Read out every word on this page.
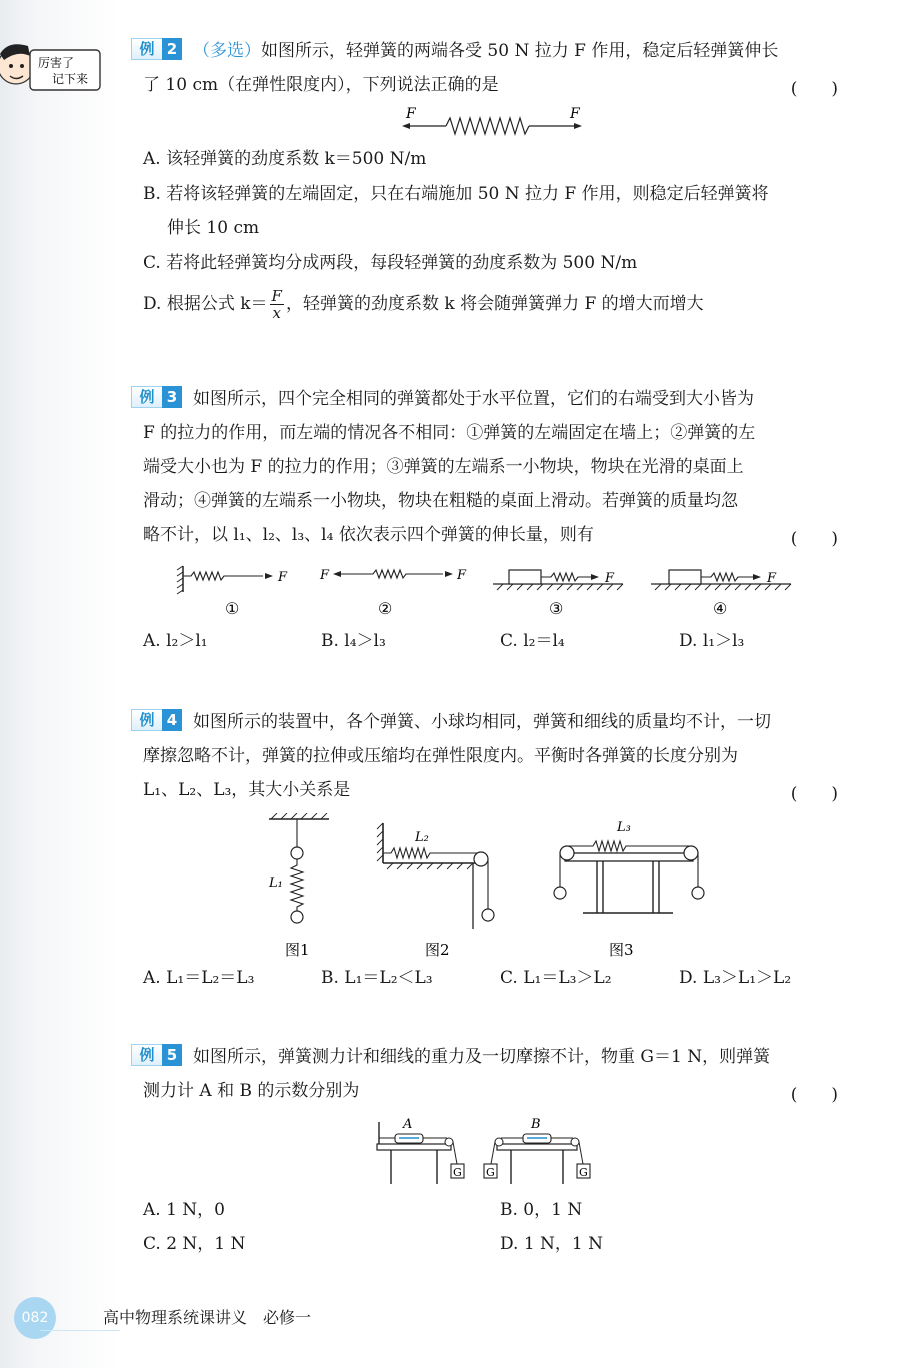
厉害了
记下来
例 2 （多选）如图所示，轻弹簧的两端各受 50 N 拉力 F 作用，稳定后轻弹簧伸长
了 10 cm（在弹性限度内），下列说法正确的是	(　　)
F	F
A. 该轻弹簧的劲度系数 k＝500 N/m
B. 若将该轻弹簧的左端固定，只在右端施加 50 N 拉力 F 作用，则稳定后轻弹簧将
伸长 10 cm
C. 若将此轻弹簧均分成两段，每段轻弹簧的劲度系数为 500 N/m
D. 根据公式 $k= \frac{F}{x}$ ，轻弹簧的劲度系数 k 将会随弹簧弹力 F 的增大而增大
例 3 如图所示，四个完全相同的弹簧都处于水平位置，它们的右端受到大小皆为
F 的拉力的作用，而左端的情况各不相同：①弹簧的左端固定在墙上；②弹簧的左
端受大小也为 F 的拉力的作用；③弹簧的左端系一小物块，物块在光滑的桌面上
滑动；④弹簧的左端系一小物块，物块在粗糙的桌面上滑动。若弹簧的质量均忽
略不计，以 l₁、l₂、l₃、l₄ 依次表示四个弹簧的伸长量，则有	(　　)
F
①
F	F
②
F
③
F
④
A. l₂＞l₁	B. l₄＞l₃	C. l₂＝l₄	D. l₁＞l₃
例 4 如图所示的装置中，各个弹簧、小球均相同，弹簧和细线的质量均不计，一切
摩擦忽略不计，弹簧的拉伸或压缩均在弹性限度内。平衡时各弹簧的长度分别为
L₁、L₂、L₃，其大小关系是	(　　)
L₁
图1
L₂
图2
L₃
图3
A. L₁＝L₂＝L₃	B. L₁＝L₂＜L₃	C. L₁＝L₃＞L₂	D. L₃＞L₁＞L₂
例 5 如图所示，弹簧测力计和细线的重力及一切摩擦不计，物重 G＝1 N，则弹簧
测力计 A 和 B 的示数分别为	(　　)
G
A
G	G
B
A. 1 N，0	B. 0，1 N
C. 2 N，1 N	D. 1 N，1 N
082	高中物理系统课讲义　必修一
